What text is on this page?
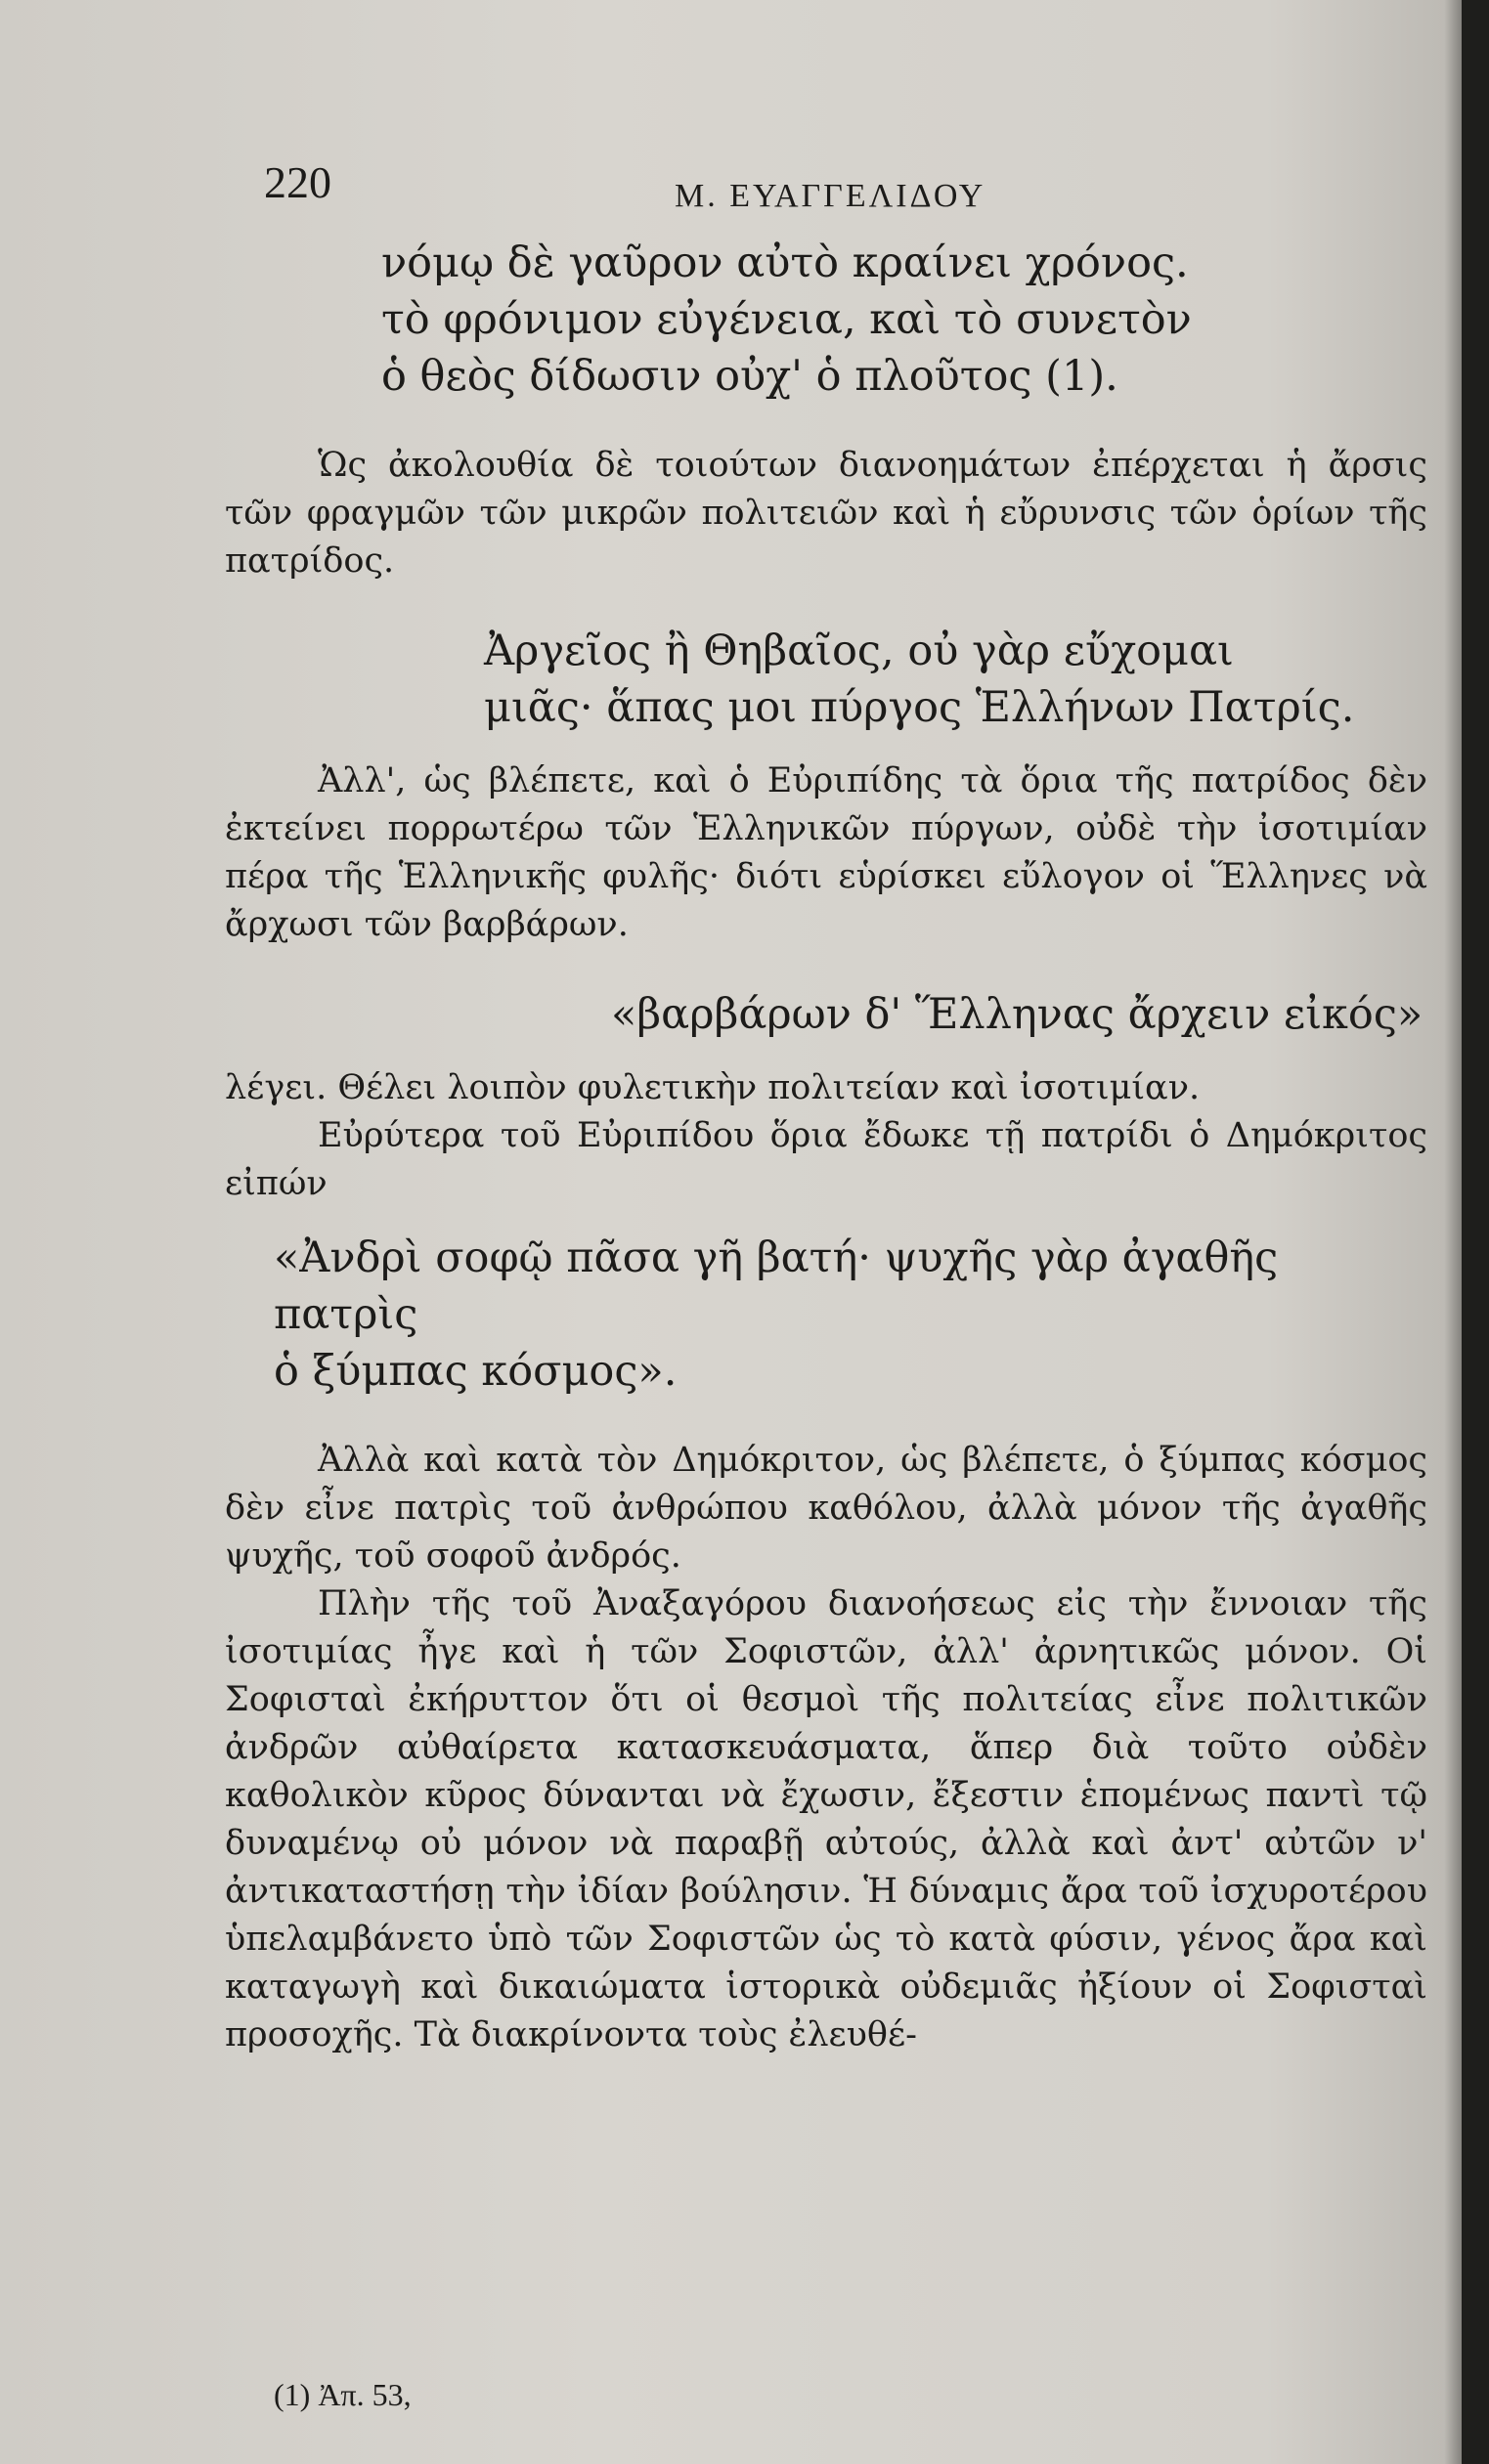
220	Μ. ΕΥΑΓΓΕΛΙΔΟΥ

νόμῳ δὲ γαῦρον αὐτὸ κραίνει χρόνος.

τὸ φρόνιμον εὐγένεια, καὶ τὸ συνετὸν

ὁ θεὸς δίδωσιν οὐχ' ὁ πλοῦτος (1).

Ὡς ἀκολουθία δὲ τοιούτων διανοημάτων ἐπέρχεται ἡ ἄρσις τῶν φραγμῶν τῶν μικρῶν πολιτειῶν καὶ ἡ εὔρυνσις τῶν ὁρίων τῆς πατρίδος.

Ἀργεῖος ἢ Θηβαῖος, οὐ γὰρ εὔχομαι

μιᾶς· ἅπας μοι πύργος Ἑλλήνων Πατρίς.

Ἀλλ', ὡς βλέπετε, καὶ ὁ Εὐριπίδης τὰ ὅρια τῆς πατρίδος δὲν ἐκτείνει πορρωτέρω τῶν Ἑλληνικῶν πύργων, οὐδὲ τὴν ἰσοτιμίαν πέρα τῆς Ἑλληνικῆς φυλῆς· διότι εὑρίσκει εὔλογον οἱ Ἕλληνες νὰ ἄρχωσι τῶν βαρβάρων.

«βαρβάρων δ' Ἕλληνας ἄρχειν εἰκός»

λέγει. Θέλει λοιπὸν φυλετικὴν πολιτείαν καὶ ἰσοτιμίαν.

Εὐρύτερα τοῦ Εὐριπίδου ὅρια ἔδωκε τῇ πατρίδι ὁ Δημόκριτος εἰπών

«Ἀνδρὶ σοφῷ πᾶσα γῆ βατή· ψυχῆς γὰρ ἀγαθῆς πατρὶς

ὁ ξύμπας κόσμος».

Ἀλλὰ καὶ κατὰ τὸν Δημόκριτον, ὡς βλέπετε, ὁ ξύμπας κόσμος δὲν εἶνε πατρὶς τοῦ ἀνθρώπου καθόλου, ἀλλὰ μόνον τῆς ἀγαθῆς ψυχῆς, τοῦ σοφοῦ ἀνδρός.

Πλὴν τῆς τοῦ Ἀναξαγόρου διανοήσεως εἰς τὴν ἔννοιαν τῆς ἰσοτιμίας ἦγε καὶ ἡ τῶν Σοφιστῶν, ἀλλ' ἀρνητικῶς μόνον. Οἱ Σοφισταὶ ἐκήρυττον ὅτι οἱ θεσμοὶ τῆς πολιτείας εἶνε πολιτικῶν ἀνδρῶν αὐθαίρετα κατασκευάσματα, ἅπερ διὰ τοῦτο οὐδὲν καθολικὸν κῦρος δύνανται νὰ ἔχωσιν, ἔξεστιν ἑπομένως παντὶ τῷ δυναμένῳ οὐ μόνον νὰ παραβῇ αὐτούς, ἀλλὰ καὶ ἀντ' αὐτῶν ν' ἀντικαταστήσῃ τὴν ἰδίαν βούλησιν. Ἡ δύναμις ἄρα τοῦ ἰσχυροτέρου ὑπελαμβάνετο ὑπὸ τῶν Σοφιστῶν ὡς τὸ κατὰ φύσιν, γένος ἄρα καὶ καταγωγὴ καὶ δικαιώματα ἱστορικὰ οὐδεμιᾶς ἠξίουν οἱ Σοφισταὶ προσοχῆς. Τὰ διακρίνοντα τοὺς ἐλευθέ-

(1) Ἀπ. 53,
